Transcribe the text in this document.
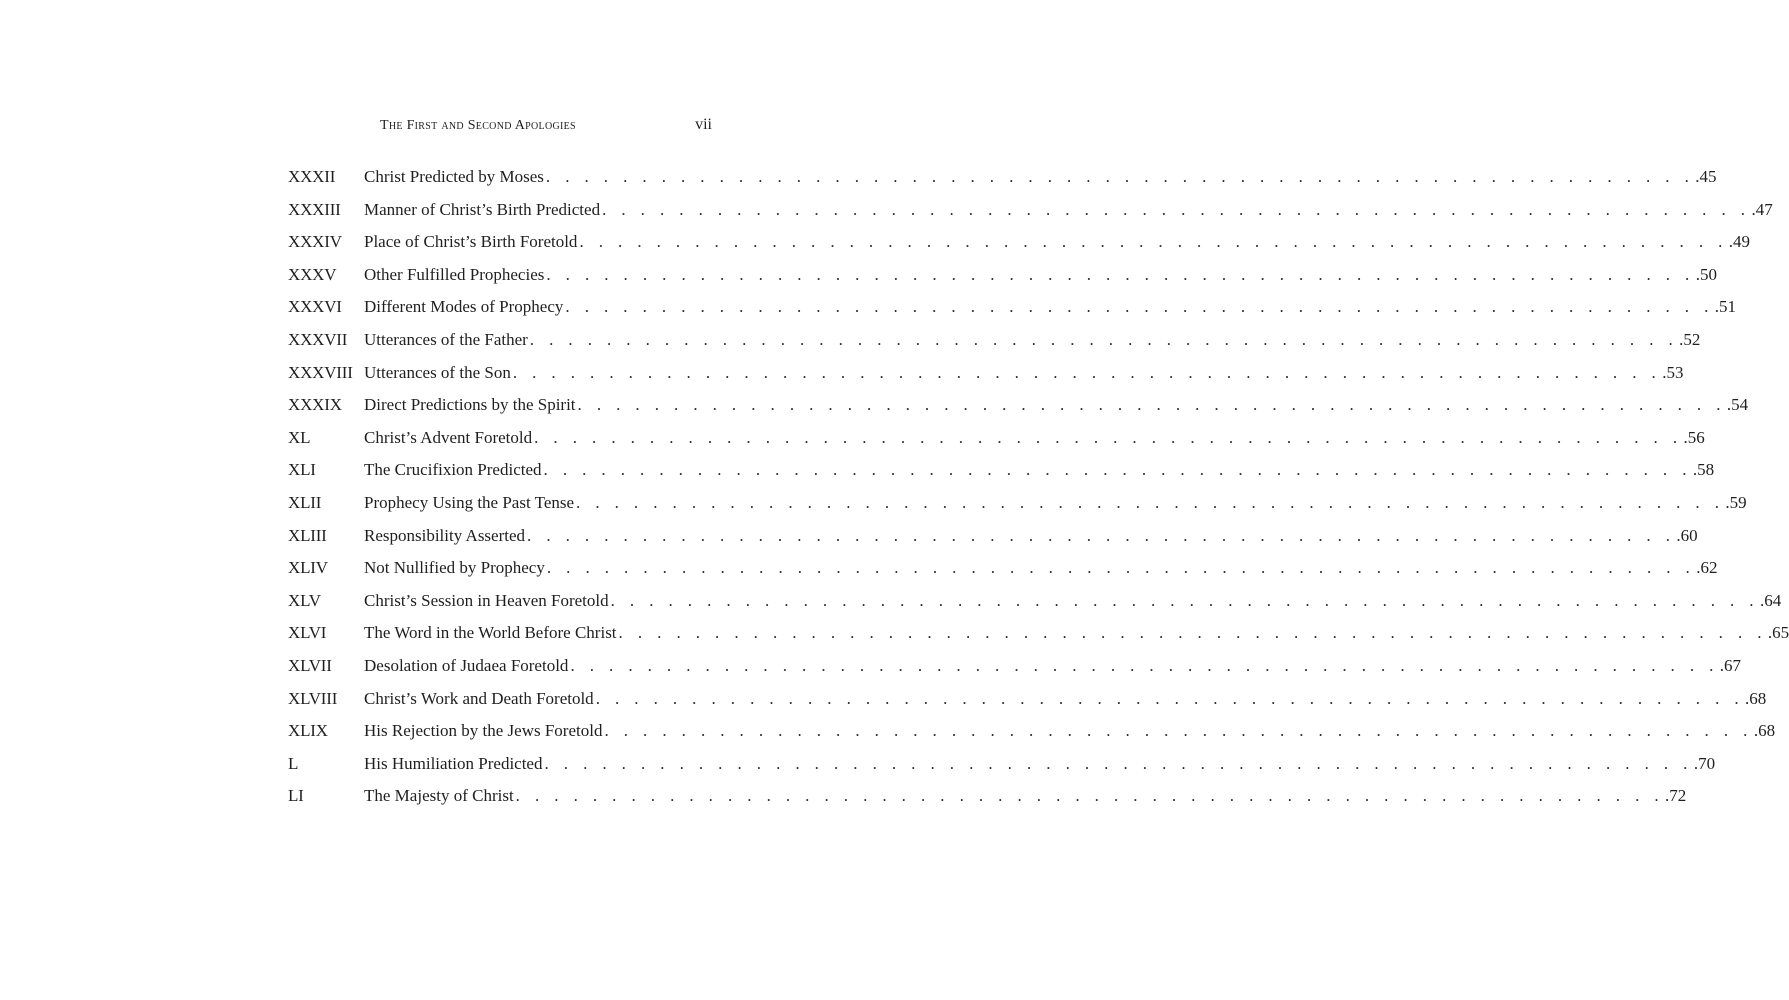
The First and Second Apologies	vii
XXXII	Christ Predicted by Moses . . . . . . . . . . . . . . . . . . . . . . . . . . . . . . . . . . . . . . . . . . . . . . . . . . . . . . . . . . . . .45
XXXIII	Manner of Christ’s Birth Predicted . . . . . . . . . . . . . . . . . . . . . . . . . . . . . . . . . . . . . . . . . . . . . . . . . . . . . . . . . . . . .47
XXXIV	Place of Christ’s Birth Foretold . . . . . . . . . . . . . . . . . . . . . . . . . . . . . . . . . . . . . . . . . . . . . . . . . . . . . . . . . . . . .49
XXXV	Other Fulfilled Prophecies . . . . . . . . . . . . . . . . . . . . . . . . . . . . . . . . . . . . . . . . . . . . . . . . . . . . . . . . . . . . .50
XXXVI	Different Modes of Prophecy . . . . . . . . . . . . . . . . . . . . . . . . . . . . . . . . . . . . . . . . . . . . . . . . . . . . . . . . . . . . .51
XXXVII Utterances of the Father . . . . . . . . . . . . . . . . . . . . . . . . . . . . . . . . . . . . . . . . . . . . . . . . . . . . . . . . . . . . .52
XXXVIII Utterances of the Son . . . . . . . . . . . . . . . . . . . . . . . . . . . . . . . . . . . . . . . . . . . . . . . . . . . . . . . . . . . . .53
XXXIX	Direct Predictions by the Spirit . . . . . . . . . . . . . . . . . . . . . . . . . . . . . . . . . . . . . . . . . . . . . . . . . . . . . . . . . . . . .54
XL	Christ’s Advent Foretold . . . . . . . . . . . . . . . . . . . . . . . . . . . . . . . . . . . . . . . . . . . . . . . . . . . . . . . . . . . . .56
XLI	The Crucifixion Predicted . . . . . . . . . . . . . . . . . . . . . . . . . . . . . . . . . . . . . . . . . . . . . . . . . . . . . . . . . . . . .58
XLII	Prophecy Using the Past Tense . . . . . . . . . . . . . . . . . . . . . . . . . . . . . . . . . . . . . . . . . . . . . . . . . . . . . . . . . . . . .59
XLIII	Responsibility Asserted . . . . . . . . . . . . . . . . . . . . . . . . . . . . . . . . . . . . . . . . . . . . . . . . . . . . . . . . . . . . .60
XLIV	Not Nullified by Prophecy . . . . . . . . . . . . . . . . . . . . . . . . . . . . . . . . . . . . . . . . . . . . . . . . . . . . . . . . . . . . .62
XLV	Christ’s Session in Heaven Foretold . . . . . . . . . . . . . . . . . . . . . . . . . . . . . . . . . . . . . . . . . . . . . . . . . . . . . . . . . . . . .64
XLVI	The Word in the World Before Christ . . . . . . . . . . . . . . . . . . . . . . . . . . . . . . . . . . . . . . . . . . . . . . . . . . . . . . . . . . . . .65
XLVII	Desolation of Judaea Foretold . . . . . . . . . . . . . . . . . . . . . . . . . . . . . . . . . . . . . . . . . . . . . . . . . . . . . . . . . . . . .67
XLVIII	Christ’s Work and Death Foretold . . . . . . . . . . . . . . . . . . . . . . . . . . . . . . . . . . . . . . . . . . . . . . . . . . . . . . . . . . . . .68
XLIX	His Rejection by the Jews Foretold . . . . . . . . . . . . . . . . . . . . . . . . . . . . . . . . . . . . . . . . . . . . . . . . . . . . . . . . . . . . .68
L	His Humiliation Predicted . . . . . . . . . . . . . . . . . . . . . . . . . . . . . . . . . . . . . . . . . . . . . . . . . . . . . . . . . . . . .70
LI	The Majesty of Christ . . . . . . . . . . . . . . . . . . . . . . . . . . . . . . . . . . . . . . . . . . . . . . . . . . . . . . . . . . . . .72
